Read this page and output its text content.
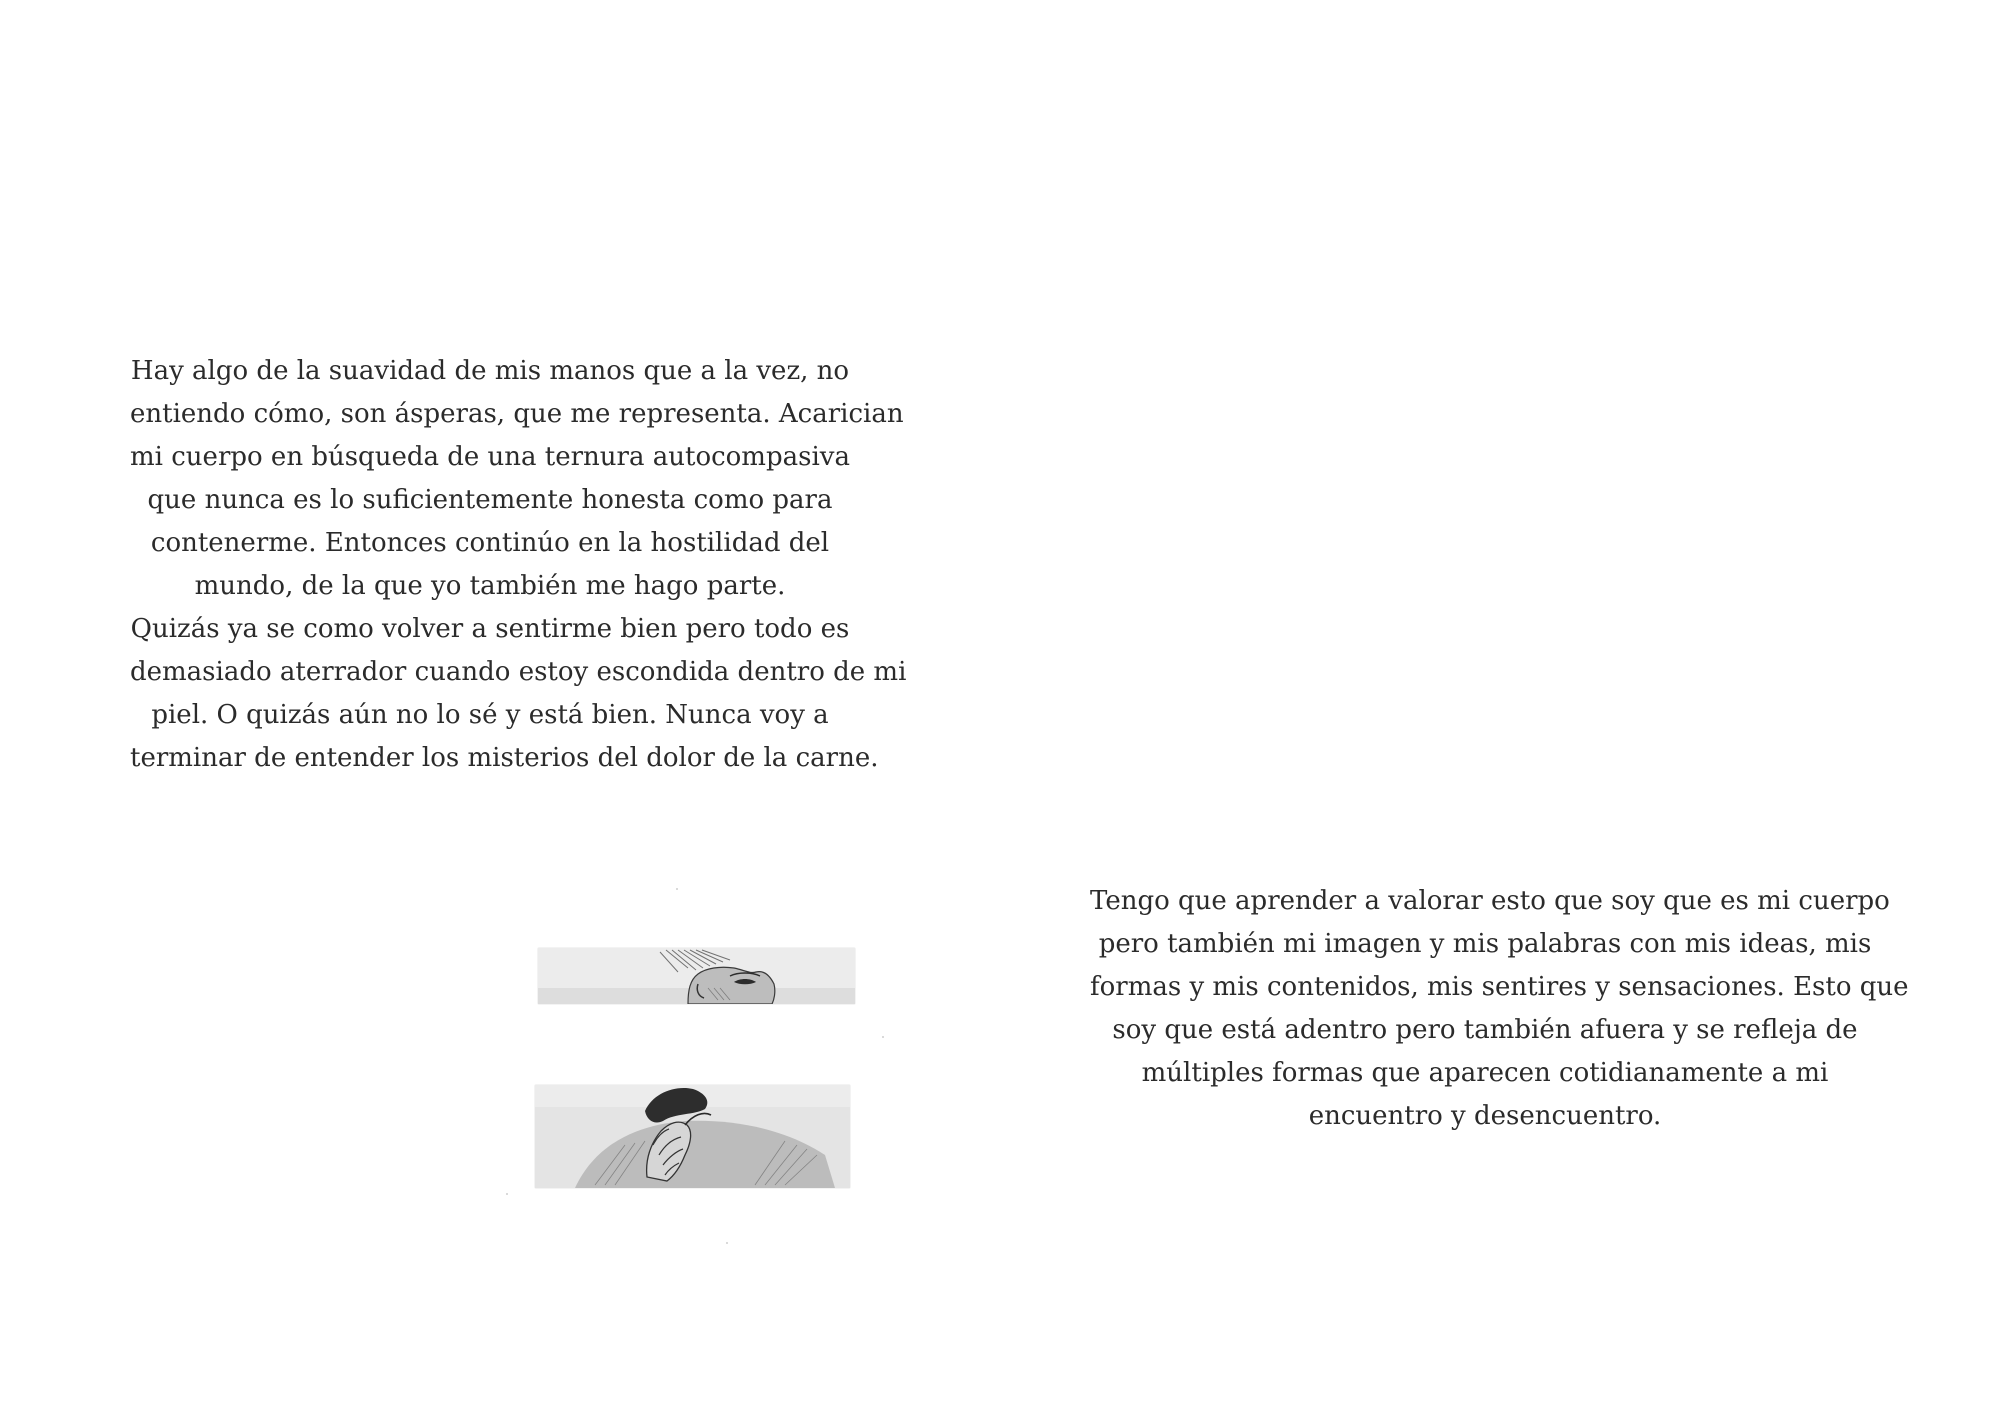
Hay algo de la suavidad de mis manos que a la vez, no
entiendo cómo, son ásperas, que me representa. Acarician
mi cuerpo en búsqueda de una ternura autocompasiva
que nunca es lo suficientemente honesta como para
contenerme. Entonces continúo en la hostilidad del
mundo, de la que yo también me hago parte.
Quizás ya se como volver a sentirme bien pero todo es
demasiado aterrador cuando estoy escondida dentro de mi
piel. O quizás aún no lo sé y está bien. Nunca voy a
terminar de entender los misterios del dolor de la carne.
Tengo que aprender a valorar esto que soy que es mi cuerpo
pero también mi imagen y mis palabras con mis ideas, mis
formas y mis contenidos, mis sentires y sensaciones. Esto que
soy que está adentro pero también afuera y se refleja de
múltiples formas que aparecen cotidianamente a mi
encuentro y desencuentro.
